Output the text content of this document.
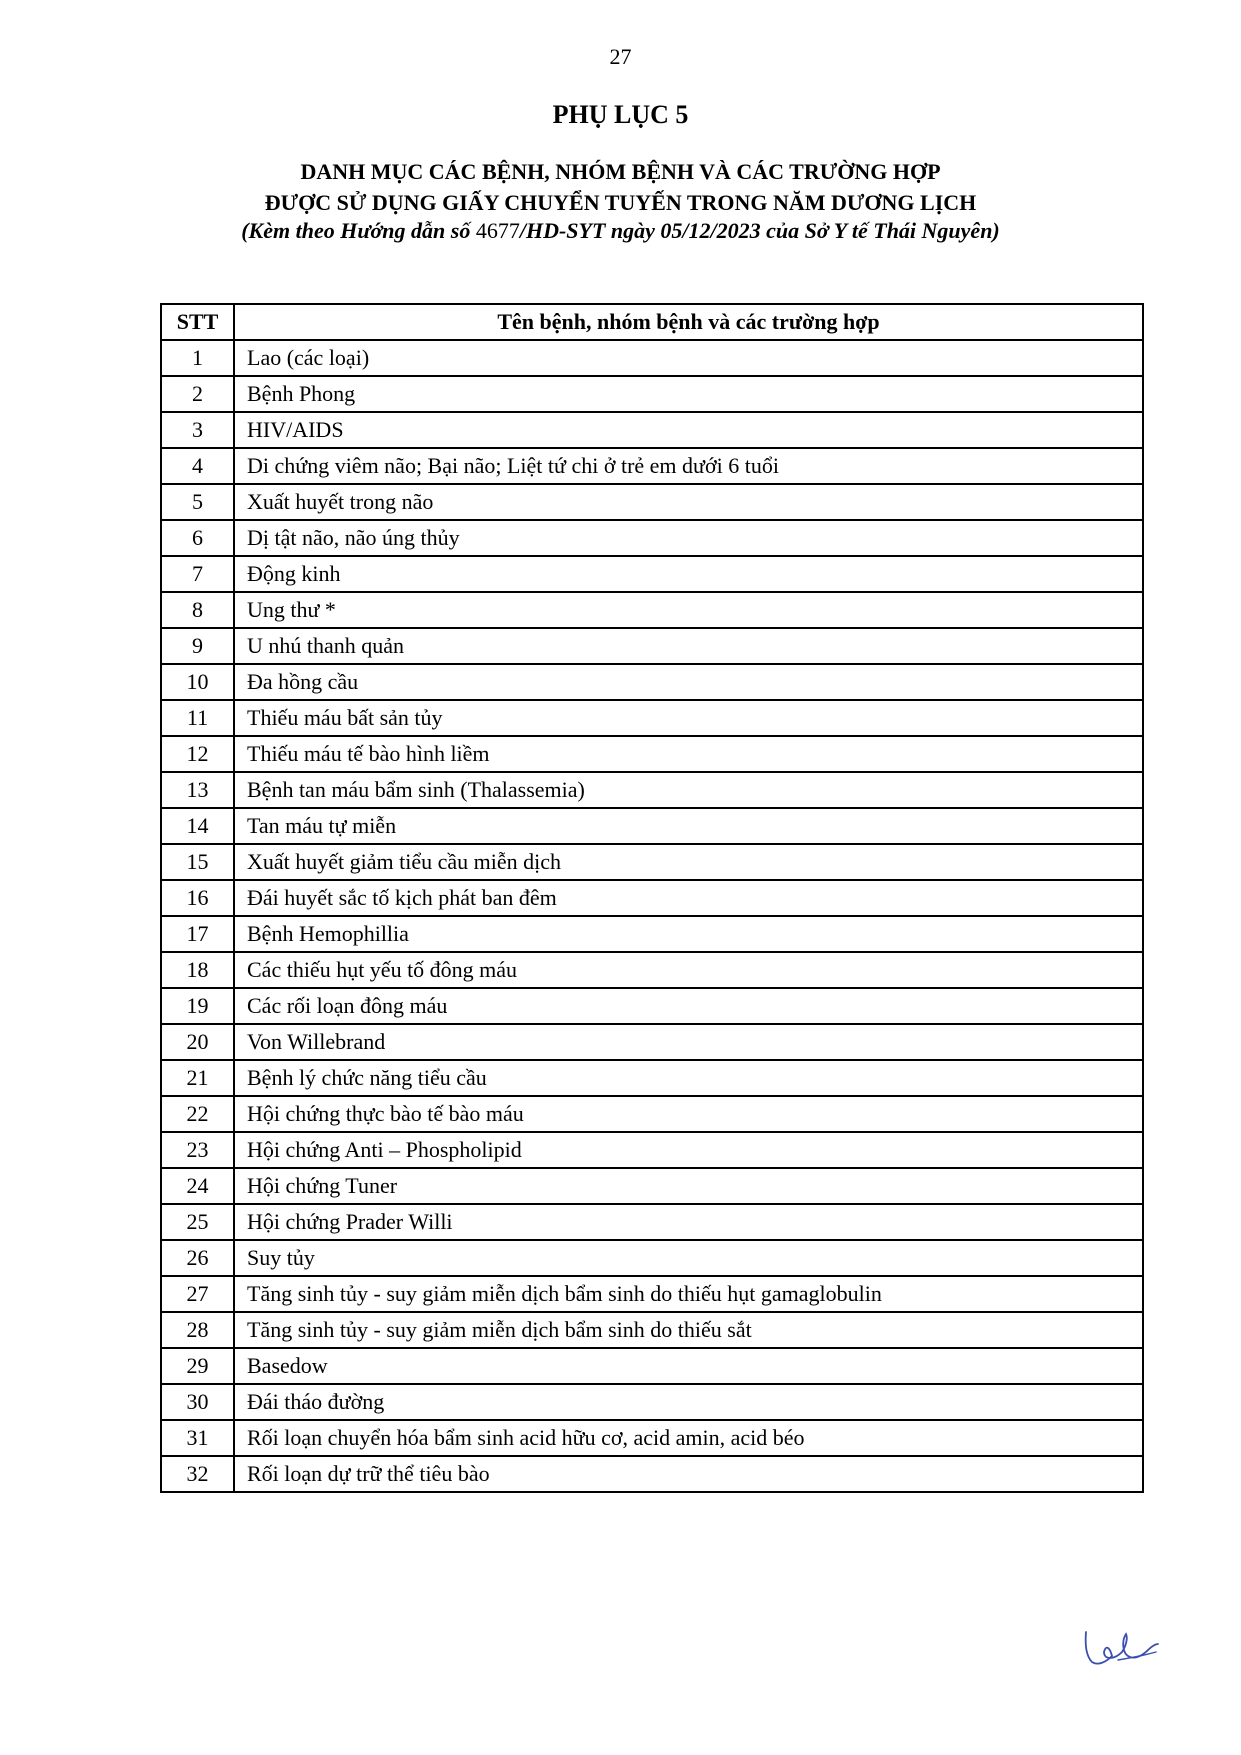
27
PHỤ LỤC 5
DANH MỤC CÁC BỆNH, NHÓM BỆNH VÀ CÁC TRƯỜNG HỢP
ĐƯỢC SỬ DỤNG GIẤY CHUYỂN TUYẾN TRONG NĂM DƯƠNG LỊCH
(Kèm theo Hướng dẫn số 4677/HD-SYT ngày 05/12/2023 của Sở Y tế Thái Nguyên)
STT	Tên bệnh, nhóm bệnh và các trường hợp
1	Lao (các loại)
2	Bệnh Phong
3	HIV/AIDS
4	Di chứng viêm não; Bại não; Liệt tứ chi ở trẻ em dưới 6 tuổi
5	Xuất huyết trong não
6	Dị tật não, não úng thủy
7	Động kinh
8	Ung thư *
9	U nhú thanh quản
10	Đa hồng cầu
11	Thiếu máu bất sản tủy
12	Thiếu máu tế bào hình liềm
13	Bệnh tan máu bẩm sinh (Thalassemia)
14	Tan máu tự miễn
15	Xuất huyết giảm tiểu cầu miễn dịch
16	Đái huyết sắc tố kịch phát ban đêm
17	Bệnh Hemophillia
18	Các thiếu hụt yếu tố đông máu
19	Các rối loạn đông máu
20	Von Willebrand
21	Bệnh lý chức năng tiểu cầu
22	Hội chứng thực bào tế bào máu
23	Hội chứng Anti – Phospholipid
24	Hội chứng Tuner
25	Hội chứng Prader Willi
26	Suy tủy
27	Tăng sinh tủy - suy giảm miễn dịch bẩm sinh do thiếu hụt gamaglobulin
28	Tăng sinh tủy - suy giảm miễn dịch bẩm sinh do thiếu sắt
29	Basedow
30	Đái tháo đường
31	Rối loạn chuyển hóa bẩm sinh acid hữu cơ, acid amin, acid béo
32	Rối loạn dự trữ thể tiêu bào
